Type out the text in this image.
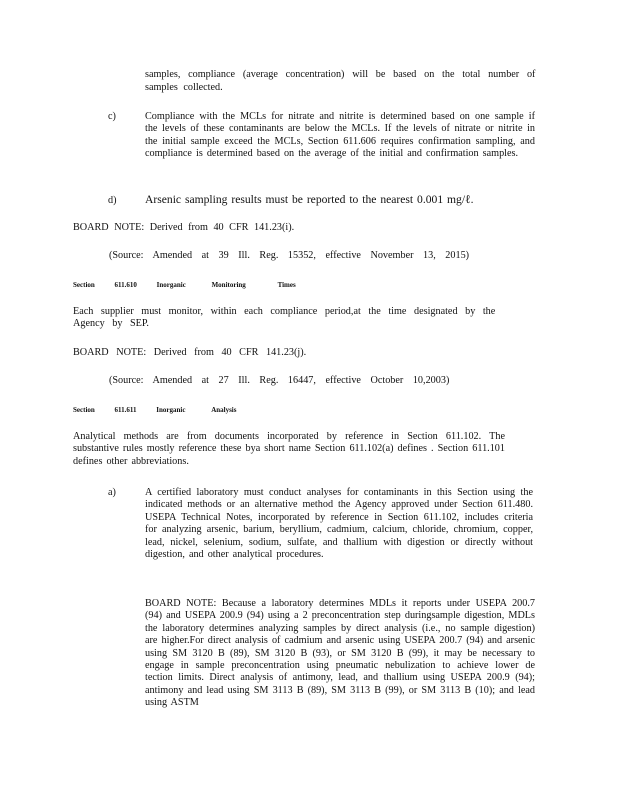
samples, compliance (average concentration) will be based on the total number of
samples collected.
c)	Compliance with the MCLs for nitrate and nitrite is determined based on one sample if the levels of these contaminants are below the MCLs. If the levels of nitrate or nitrite in the initial sample exceed the MCLs, Section 611.606 requires confirmation sampling, and compliance is determined based on the average of the initial and confirmation samples.

d) Arsenic sampling results must be reported to the nearest 0.001 mg/ℓ.
BOARD NOTE: Derived from 40 CFR 141.23(i).
(Source: Amended at 39 Ill. Reg. 15352, effective November 13, 2015)
Section	611.610	Inorganic	Monitoring	Times

Each supplier must monitor, within each compliance period,at the time designated by the Agency by SEP.

BOARD NOTE: Derived from 40 CFR 141.23(j).
(Source: Amended at 27 Ill. Reg. 16447, effective October 10,2003)
Section	611.611	Inorganic	Analysis

Analytical methods are from documents incorporated by reference in Section 611.102. The substantive rules mostly reference these bya short name Section 611.102(a) defines . Section 611.101 defines other abbreviations.

a)	A certified laboratory must conduct analyses for contaminants in this Section using the indicated methods or an alternative method the Agency approved under Section 611.480. USEPA Technical Notes, incorporated by reference in Section 611.102, includes criteria for analyzing arsenic, barium, beryllium, cadmium, calcium, chloride, chromium, copper, lead, nickel, selenium, sodium, sulfate, and thallium with digestion or directly without digestion, and other analytical procedures.

BOARD NOTE: Because a laboratory determines MDLs it reports under USEPA 200.7 (94) and USEPA 200.9 (94) using a 2 preconcentration step duringsample digestion, MDLs the laboratory determines analyzing samples by direct analysis (i.e., no sample digestion) are higher.For direct analysis of cadmium and arsenic using USEPA 200.7 (94) and arsenic using SM 3120 B (89), SM 3120 B (93), or SM 3120 B (99), it may be necessary to engage in sample preconcentration using pneumatic nebulization to achieve lower de tection limits. Direct analysis of antimony, lead, and thallium using USEPA 200.9 (94); antimony and lead using SM 3113 B (89), SM 3113 B (99), or SM 3113 B (10); and lead using ASTM
